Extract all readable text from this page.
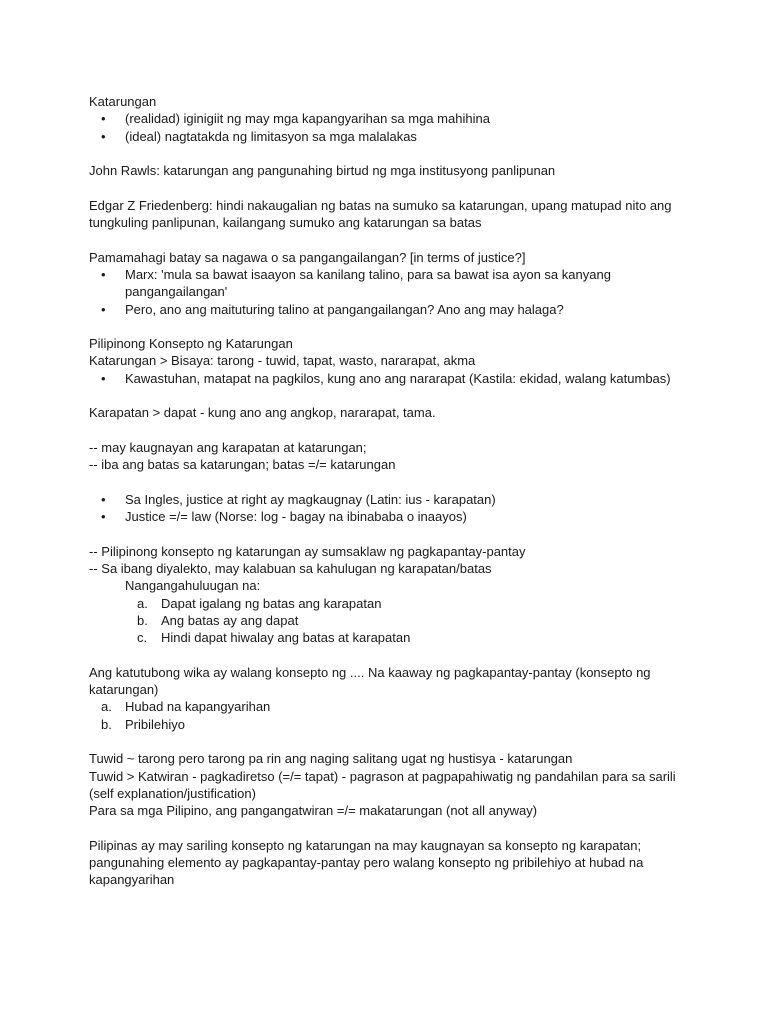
Katarungan

• (realidad) iginigiit ng may mga kapangyarihan sa mga mahihina
• (ideal) nagtatakda ng limitasyon sa mga malalakas

John Rawls: katarungan ang pangunahing birtud ng mga institusyong panlipunan

Edgar Z Friedenberg: hindi nakaugalian ng batas na sumuko sa katarungan, upang matupad nito ang tungkuling panlipunan, kailangang sumuko ang katarungan sa batas

Pamamahagi batay sa nagawa o sa pangangailangan? [in terms of justice?]

• Marx: 'mula sa bawat isaayon sa kanilang talino, para sa bawat isa ayon sa kanyang pangangailangan'
• Pero, ano ang maituturing talino at pangangailangan? Ano ang may halaga?

Pilipinong Konsepto ng Katarungan

Katarungan > Bisaya: tarong - tuwid, tapat, wasto, nararapat, akma

• Kawastuhan, matapat na pagkilos, kung ano ang nararapat (Kastila: ekidad, walang katumbas)

Karapatan > dapat - kung ano ang angkop, nararapat, tama.

-- may kaugnayan ang karapatan at katarungan;

-- iba ang batas sa katarungan; batas =/= katarungan

• Sa Ingles, justice at right ay magkaugnay (Latin: ius - karapatan)
• Justice =/= law (Norse: log - bagay na ibinababa o inaayos)

-- Pilipinong konsepto ng katarungan ay sumsaklaw ng pagkapantay-pantay

-- Sa ibang diyalekto, may kalabuan sa kahulugan ng karapatan/batas

Nangangahuluugan na:

a. Dapat igalang ng batas ang karapatan
b. Ang batas ay ang dapat
c. Hindi dapat hiwalay ang batas at karapatan

Ang katutubong wika ay walang konsepto ng .... Na kaaway ng pagkapantay-pantay (konsepto ng katarungan)

a. Hubad na kapangyarihan
b. Pribilehiyo

Tuwid ~ tarong pero tarong pa rin ang naging salitang ugat ng hustisya - katarungan

Tuwid > Katwiran - pagkadiretso (=/= tapat) - pagrason at pagpapahiwatig ng pandahilan para sa sarili (self explanation/justification)

Para sa mga Pilipino, ang pangangatwiran =/= makatarungan (not all anyway)

Pilipinas ay may sariling konsepto ng katarungan na may kaugnayan sa konsepto ng karapatan; pangunahing elemento ay pagkapantay-pantay pero walang konsepto ng pribilehiyo at hubad na kapangyarihan
